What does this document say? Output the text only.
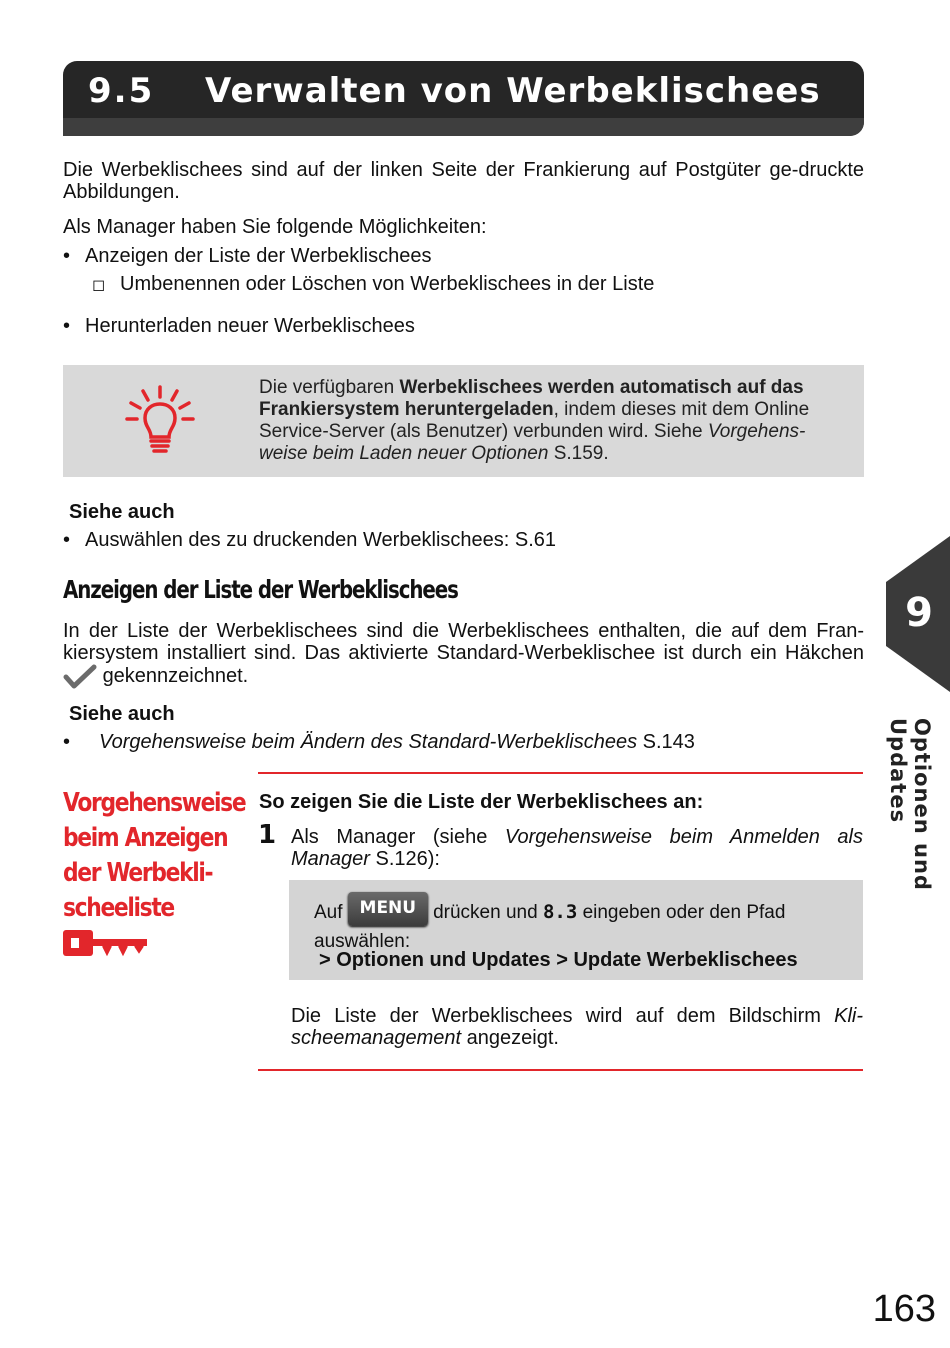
9.5 Verwalten von Werbeklischees

Die Werbeklischees sind auf der linken Seite der Frankierung auf Postgüter ge-druckte Abbildungen.

Als Manager haben Sie folgende Möglichkeiten:

• Anzeigen der Liste der Werbeklischees
◻ Umbenennen oder Löschen von Werbeklischees in der Liste
• Herunterladen neuer Werbeklischees

Die verfügbaren Werbeklischees werden automatisch auf das Frankiersystem heruntergeladen, indem dieses mit dem Online Service-Server (als Benutzer) verbunden wird. Siehe Vorgehens-weise beim Laden neuer Optionen S.159.

Siehe auch

• Auswählen des zu druckenden Werbeklischees: S.61

Anzeigen der Liste der Werbeklischees

In der Liste der Werbeklischees sind die Werbeklischees enthalten, die auf dem Fran-kiersystem installiert sind. Das aktivierte Standard-Werbeklischee ist durch ein Häkchen  gekennzeichnet.

Siehe auch

• Vorgehensweise beim Ändern des Standard-Werbeklischees S.143
9
Optionen und Updates
Vorgehensweise
beim Anzeigen
der Werbekli-
scheeliste

So zeigen Sie die Liste der Werbeklischees an:

1 Als Manager (siehe Vorgehensweise beim Anmelden als Manager S.126):

Auf MENU drücken und 8.3 eingeben oder den Pfad auswählen:

> Optionen und Updates > Update Werbeklischees

Die Liste der Werbeklischees wird auf dem Bildschirm Kli-scheemanagement angezeigt.

163
